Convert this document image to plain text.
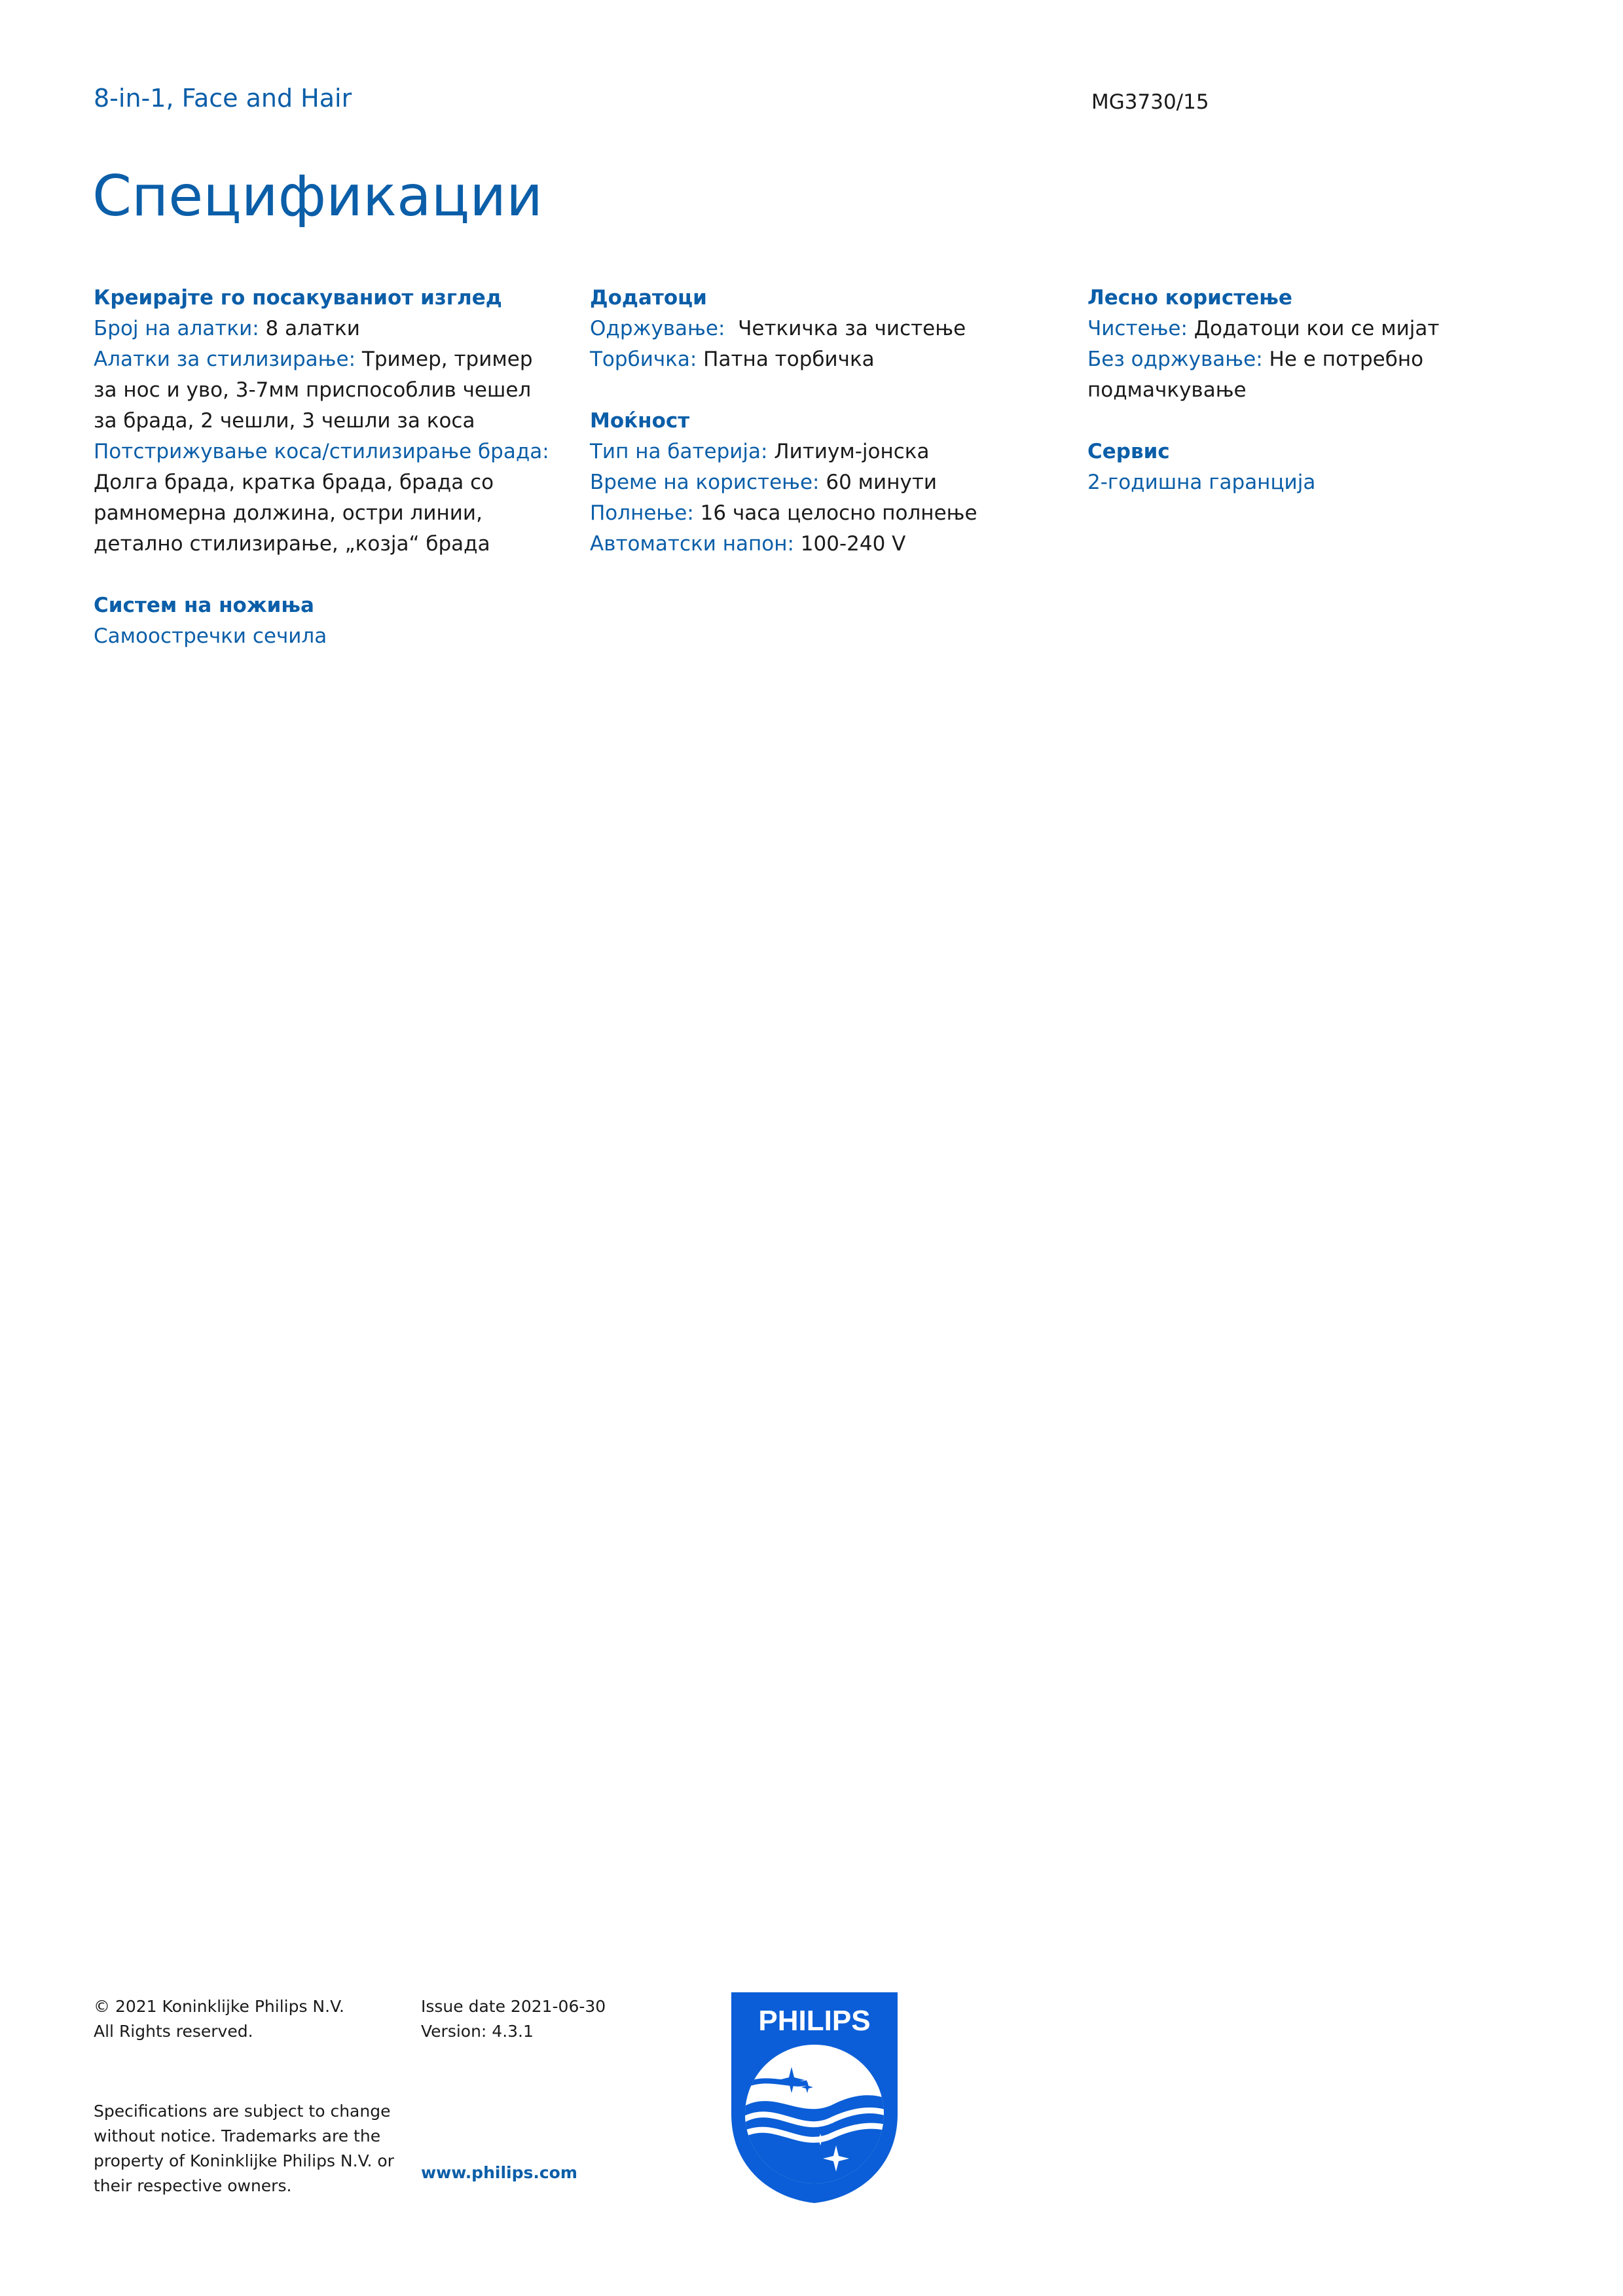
8-in-1, Face and Hair	MG3730/15
Спецификации
Креирајте го посакуваниот изглед
Број на алатки: 8 алатки
Алатки за стилизирање: Тример, тример за нос и уво, 3-7мм приспособлив чешел за брада, 2 чешли, 3 чешли за коса
Потстрижување коса/стилизирање брада: Долга брада, кратка брада, брада со рамномерна должина, остри линии, детално стилизирање, „козја“ брада
Систем на ножиња
Самоостречки сечила
Додатоци
Одржување:  Четкичка за чистење
Торбичка: Патна торбичка
Моќност
Тип на батерија: Литиум-јонска
Време на користење: 60 минути
Полнење: 16 часа целосно полнење
Автоматски напон: 100-240 V
Лесно користење
Чистење: Додатоци кои се мијат
Без одржување: Не е потребно подмачкување
Сервис
2-годишна гаранција
© 2021 Koninklijke Philips N.V.
All Rights reserved.
Issue date 2021-06-30
Version: 4.3.1
Specifications are subject to change without notice. Trademarks are the property of Koninklijke Philips N.V. or their respective owners.
www.philips.com
PHILIPS
